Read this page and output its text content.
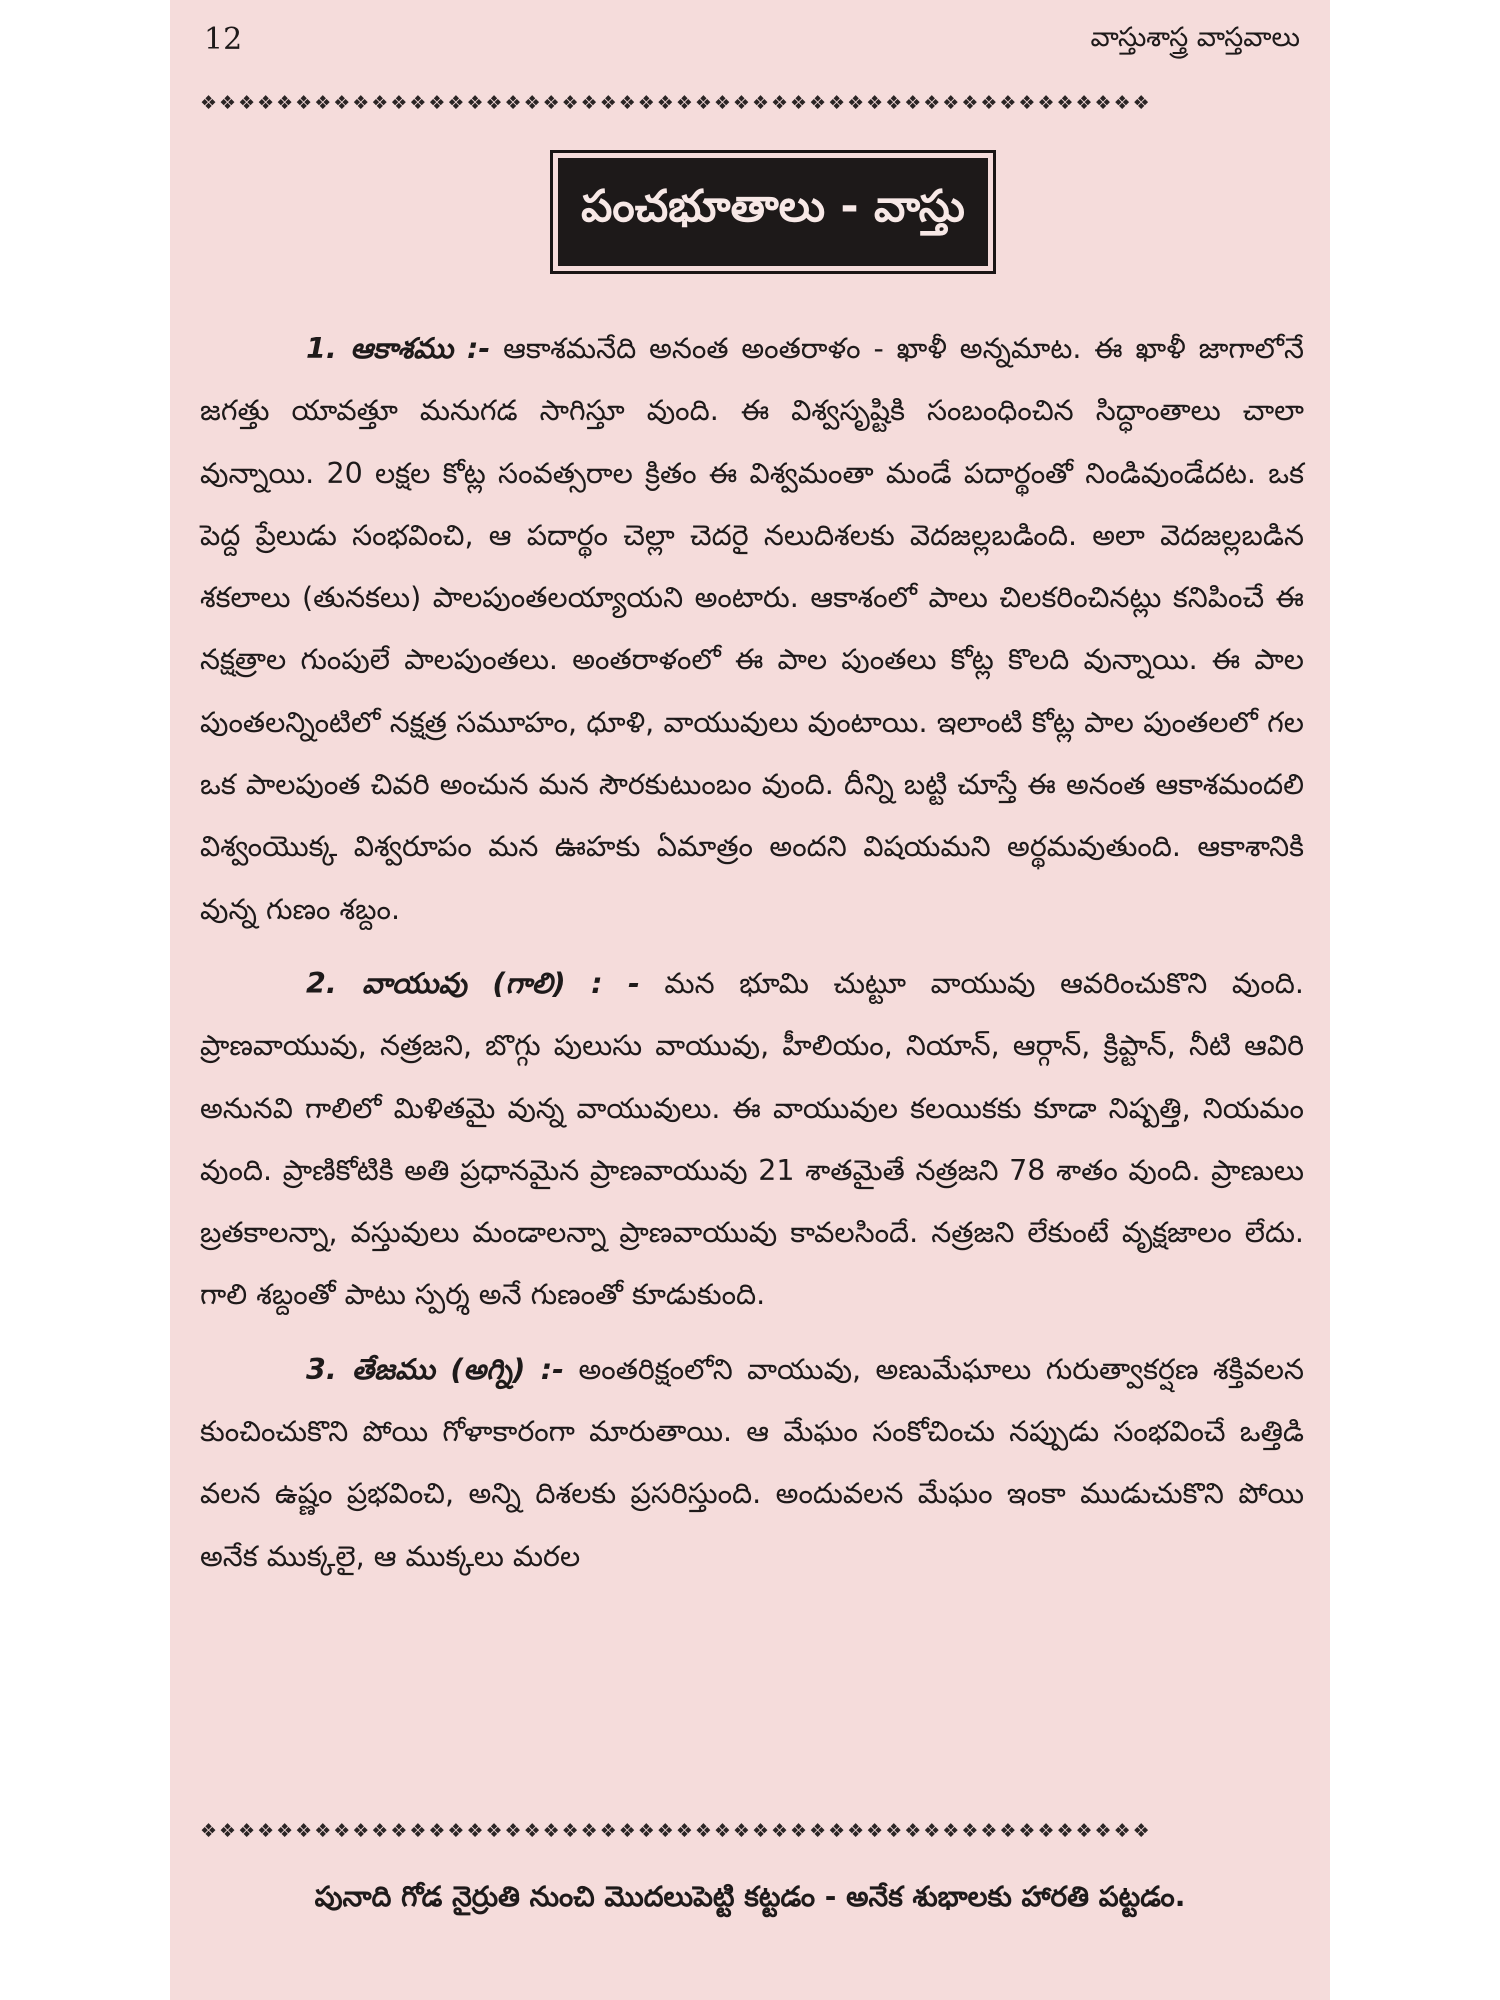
12	వాస్తుశాస్త్ర వాస్తవాలు
❖❖❖❖❖❖❖❖❖❖❖❖❖❖❖❖❖❖❖❖❖❖❖❖❖❖❖❖❖❖❖❖❖❖❖❖❖❖❖❖❖❖❖❖❖❖❖❖❖❖
పంచభూతాలు - వాస్తు

1. ఆకాశము :- ఆకాశమనేది అనంత అంతరాళం - ఖాళీ అన్నమాట. ఈ ఖాళీ జాగాలోనే జగత్తు యావత్తూ మనుగడ సాగిస్తూ వుంది. ఈ విశ్వసృష్టికి సంబంధించిన సిద్ధాంతాలు చాలా వున్నాయి. 20 లక్షల కోట్ల సంవత్సరాల క్రితం ఈ విశ్వమంతా మండే పదార్థంతో నిండివుండేదట. ఒక పెద్ద ప్రేలుడు సంభవించి, ఆ పదార్థం చెల్లా చెదరై నలుదిశలకు వెదజల్లబడింది. అలా వెదజల్లబడిన శకలాలు (తునకలు) పాలపుంతలయ్యాయని అంటారు. ఆకాశంలో పాలు చిలకరించినట్లు కనిపించే ఈ నక్షత్రాల గుంపులే పాలపుంతలు. అంతరాళంలో ఈ పాల పుంతలు కోట్ల కొలది వున్నాయి. ఈ పాల పుంతలన్నింటిలో నక్షత్ర సమూహం, ధూళి, వాయువులు వుంటాయి. ఇలాంటి కోట్ల పాల పుంతలలో గల ఒక పాలపుంత చివరి అంచున మన సౌరకుటుంబం వుంది. దీన్ని బట్టి చూస్తే ఈ అనంత ఆకాశమందలి విశ్వంయొక్క విశ్వరూపం మన ఊహకు ఏమాత్రం అందని విషయమని అర్థమవుతుంది. ఆకాశానికి వున్న గుణం శబ్దం.

2. వాయువు (గాలి) : - మన భూమి చుట్టూ వాయువు ఆవరించుకొని వుంది. ప్రాణవాయువు, నత్రజని, బొగ్గు పులుసు వాయువు, హీలియం, నియాన్, ఆర్గాన్, క్రిప్టాన్, నీటి ఆవిరి అనునవి గాలిలో మిళితమై వున్న వాయువులు. ఈ వాయువుల కలయికకు కూడా నిష్పత్తి, నియమం వుంది. ప్రాణికోటికి అతి ప్రధానమైన ప్రాణవాయువు 21 శాతమైతే నత్రజని 78 శాతం వుంది. ప్రాణులు బ్రతకాలన్నా, వస్తువులు మండాలన్నా ప్రాణవాయువు కావలసిందే. నత్రజని లేకుంటే వృక్షజాలం లేదు. గాలి శబ్దంతో పాటు స్పర్శ అనే గుణంతో కూడుకుంది.

3. తేజము (అగ్ని) :- అంతరిక్షంలోని వాయువు, అణుమేఘాలు గురుత్వాకర్షణ శక్తివలన కుంచించుకొని పోయి గోళాకారంగా మారుతాయి. ఆ మేఘం సంకోచించు నప్పుడు సంభవించే ఒత్తిడి వలన ఉష్ణం ప్రభవించి, అన్ని దిశలకు ప్రసరిస్తుంది. అందువలన మేఘం ఇంకా ముడుచుకొని పోయి అనేక ముక్కలై, ఆ ముక్కలు మరల

❖❖❖❖❖❖❖❖❖❖❖❖❖❖❖❖❖❖❖❖❖❖❖❖❖❖❖❖❖❖❖❖❖❖❖❖❖❖❖❖❖❖❖❖❖❖❖❖❖❖
పునాది గోడ నైర్రుతి నుంచి మొదలుపెట్టి కట్టడం - అనేక శుభాలకు హారతి పట్టడం.
